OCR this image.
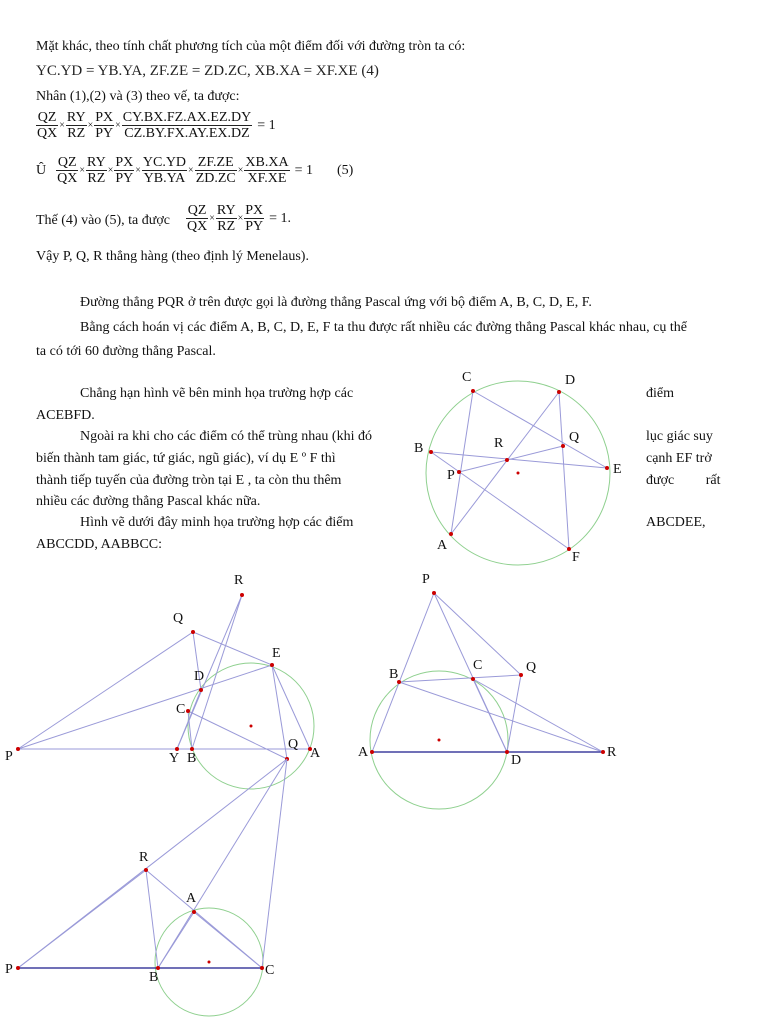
Mặt khác, theo tính chất phương tích của một điểm đối với đường tròn ta có:
YC.YD = YB.YA, ZF.ZE = ZD.ZC, XB.XA = XF.XE (4)
Nhân (1),(2) và (3) theo vế, ta được:
$\frac{QZ}{QX} \times \frac{RY}{RZ} \times \frac{PX}{PY} \times \frac{CY.BX.FZ.AX.EZ.DY}{CZ.BY.FX.AY.EX.DZ} = 1$
Û $\frac{QZ}{QX} \times \frac{RY}{RZ} \times \frac{PX}{PY} \times \frac{YC.YD}{YB.YA} \times \frac{ZF.ZE}{ZD.ZC} \times \frac{XB.XA}{XF.XE} = 1$ (5)
Thế (4) vào (5), ta được $\frac{QZ}{QX} \times \frac{RY}{RZ} \times \frac{PX}{PY} = 1$.
Vậy P, Q, R thẳng hàng (theo định lý Menelaus).
Đường thẳng PQR ở trên được gọi là đường thẳng Pascal ứng với bộ điểm A, B, C, D, E, F.
Bằng cách hoán vị các điểm A, B, C, D, E, F ta thu được rất nhiều các đường thẳng Pascal khác nhau, cụ thể
ta có tới 60 đường thẳng Pascal.
Chẳng hạn hình vẽ bên minh họa trường hợp các
ACEBFD.
Ngoài ra khi cho các điểm có thể trùng nhau (khi đó
biến thành tam giác, tứ giác, ngũ giác), ví dụ E º F thì
thành tiếp tuyến của đường tròn tại E , ta còn thu thêm
nhiều các đường thẳng Pascal khác nữa.
Hình vẽ dưới đây minh họa trường hợp các điểm
ABCCDD, AABBCC:
điểm
lục giác suy
cạnh EF trở
được         rất
ABCDEE,
C	D
B	R	Q
E
P
A
F
R
Q
E
D
C
P	Y B
Q
A
P
B
C	Q
A
D
R
R
A
P
B	C
